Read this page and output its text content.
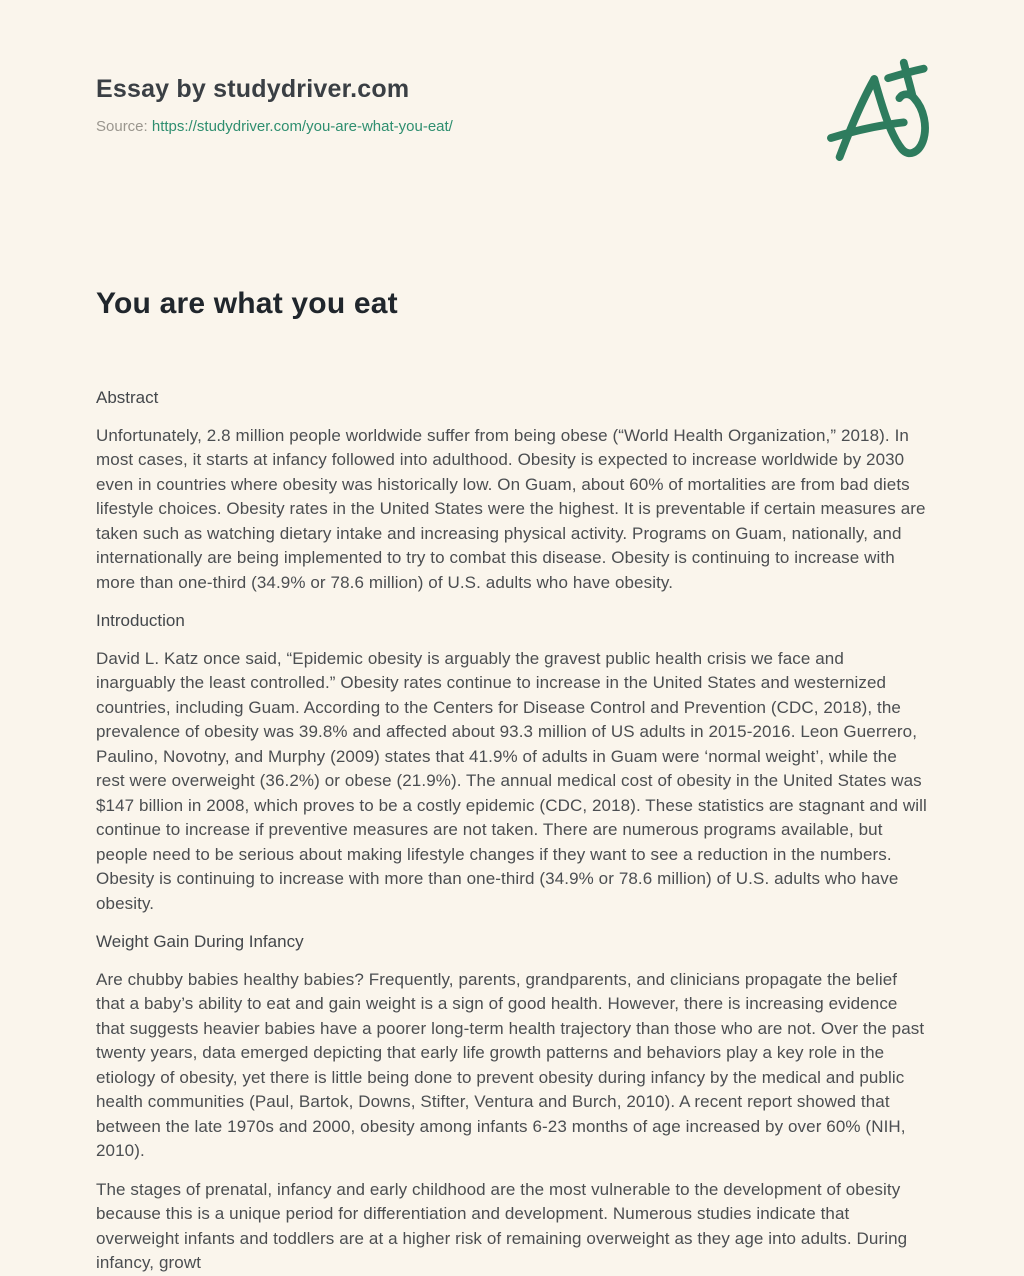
Essay by studydriver.com

Source: https://studydriver.com/you-are-what-you-eat/

You are what you eat
Abstract

Unfortunately, 2.8 million people worldwide suffer from being obese (“World Health Organization,” 2018). In most cases, it starts at infancy followed into adulthood. Obesity is expected to increase worldwide by 2030 even in countries where obesity was historically low. On Guam, about 60% of mortalities are from bad diets lifestyle choices. Obesity rates in the United States were the highest. It is preventable if certain measures are taken such as watching dietary intake and increasing physical activity. Programs on Guam, nationally, and internationally are being implemented to try to combat this disease. Obesity is continuing to increase with more than one-third (34.9% or 78.6 million) of U.S. adults who have obesity.

Introduction

David L. Katz once said, “Epidemic obesity is arguably the gravest public health crisis we face and inarguably the least controlled.” Obesity rates continue to increase in the United States and westernized countries, including Guam. According to the Centers for Disease Control and Prevention (CDC, 2018), the prevalence of obesity was 39.8% and affected about 93.3 million of US adults in 2015-2016. Leon Guerrero, Paulino, Novotny, and Murphy (2009) states that 41.9% of adults in Guam were ‘normal weight’, while the rest were overweight (36.2%) or obese (21.9%). The annual medical cost of obesity in the United States was $147 billion in 2008, which proves to be a costly epidemic (CDC, 2018). These statistics are stagnant and will continue to increase if preventive measures are not taken. There are numerous programs available, but people need to be serious about making lifestyle changes if they want to see a reduction in the numbers. Obesity is continuing to increase with more than one-third (34.9% or 78.6 million) of U.S. adults who have obesity.

Weight Gain During Infancy

Are chubby babies healthy babies? Frequently, parents, grandparents, and clinicians propagate the belief that a baby’s ability to eat and gain weight is a sign of good health. However, there is increasing evidence that suggests heavier babies have a poorer long-term health trajectory than those who are not. Over the past twenty years, data emerged depicting that early life growth patterns and behaviors play a key role in the etiology of obesity, yet there is little being done to prevent obesity during infancy by the medical and public health communities (Paul, Bartok, Downs, Stifter, Ventura and Burch, 2010). A recent report showed that between the late 1970s and 2000, obesity among infants 6-23 months of age increased by over 60% (NIH, 2010).

The stages of prenatal, infancy and early childhood are the most vulnerable to the development of obesity because this is a unique period for differentiation and development. Numerous studies indicate that overweight infants and toddlers are at a higher risk of remaining overweight as they age into adults. During infancy, growt
